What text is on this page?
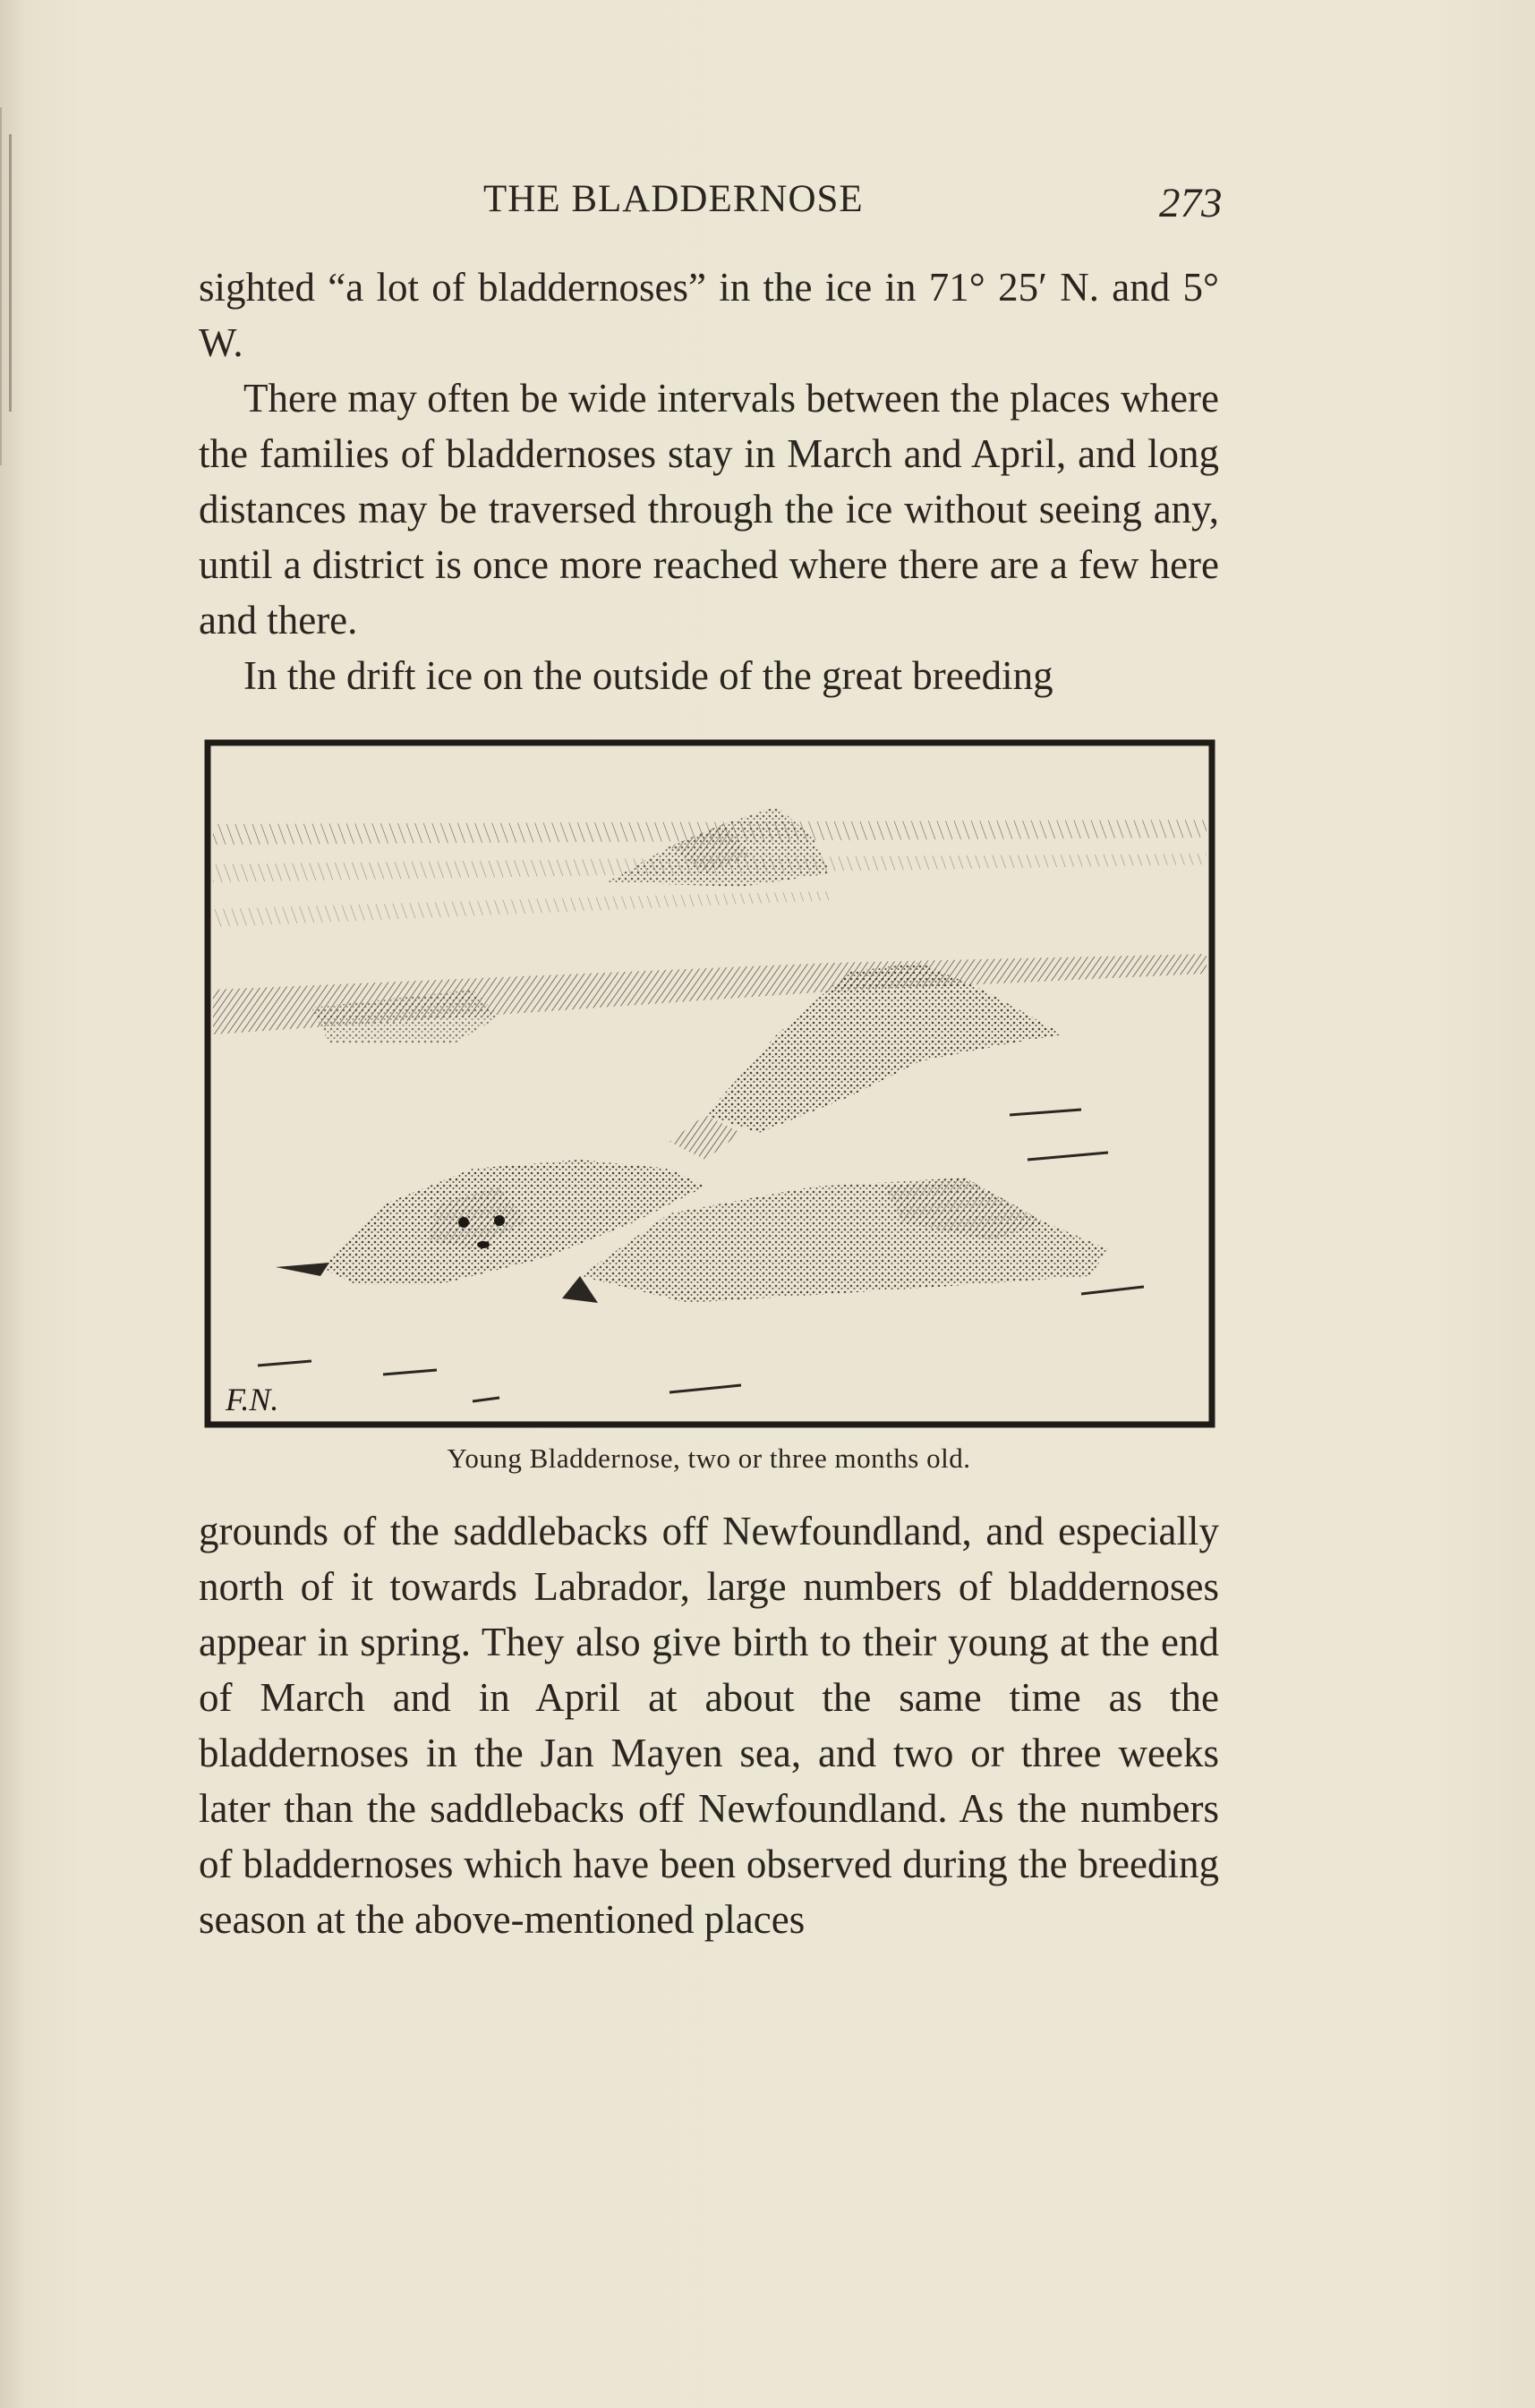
THE BLADDERNOSE	273

sighted “a lot of bladdernoses” in the ice in 71° 25′ N. and 5° W.

There may often be wide intervals between the places where the families of bladdernoses stay in March and April, and long distances may be traversed through the ice without seeing any, until a district is once more reached where there are a few here and there.

In the drift ice on the outside of the great breeding

F.N.
Young Bladdernose, two or three months old.

grounds of the saddlebacks off Newfoundland, and especially north of it towards Labrador, large numbers of bladdernoses appear in spring. They also give birth to their young at the end of March and in April at about the same time as the bladdernoses in the Jan Mayen sea, and two or three weeks later than the saddlebacks off Newfoundland. As the numbers of bladdernoses which have been observed during the breeding season at the above-mentioned places
